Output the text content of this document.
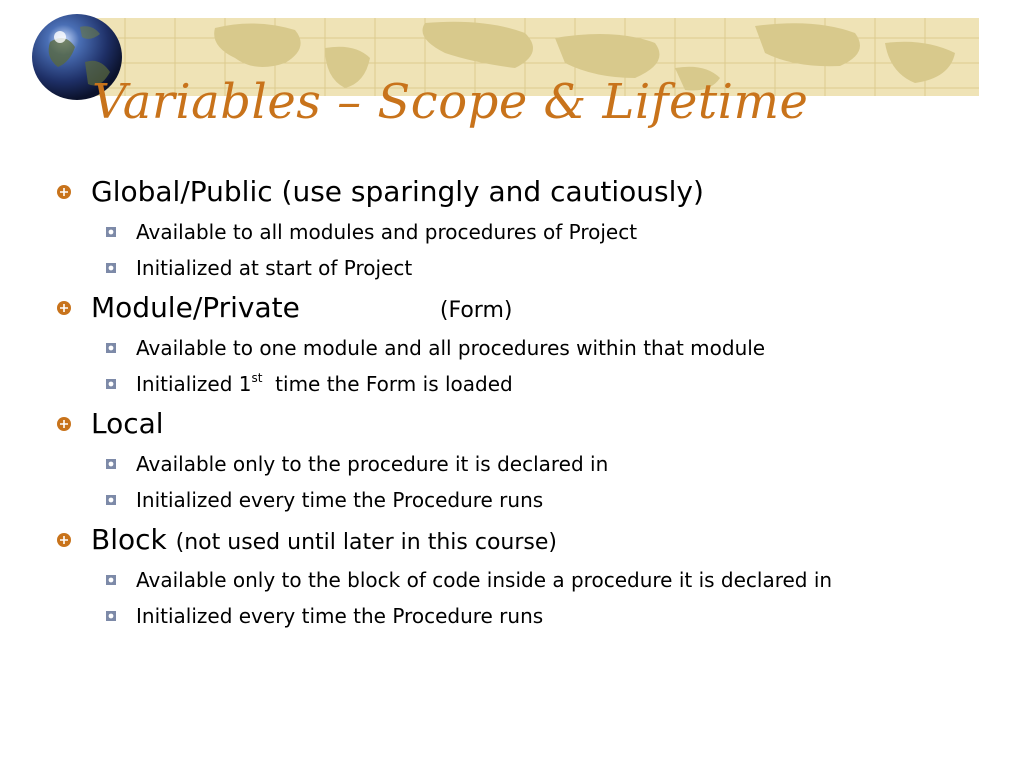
Variables – Scope & Lifetime
Global/Public (use sparingly and cautiously)
Available to all modules and procedures of Project
Initialized at start of Project
Module/Private	(Form)
Available to one module and all procedures within that module
Initialized 1st time the Form is loaded
Local
Available only to the procedure it is declared in
Initialized every time the Procedure runs
Block (not used until later in this course)
Available only to the block of code inside a procedure it is declared in
Initialized every time the Procedure runs
